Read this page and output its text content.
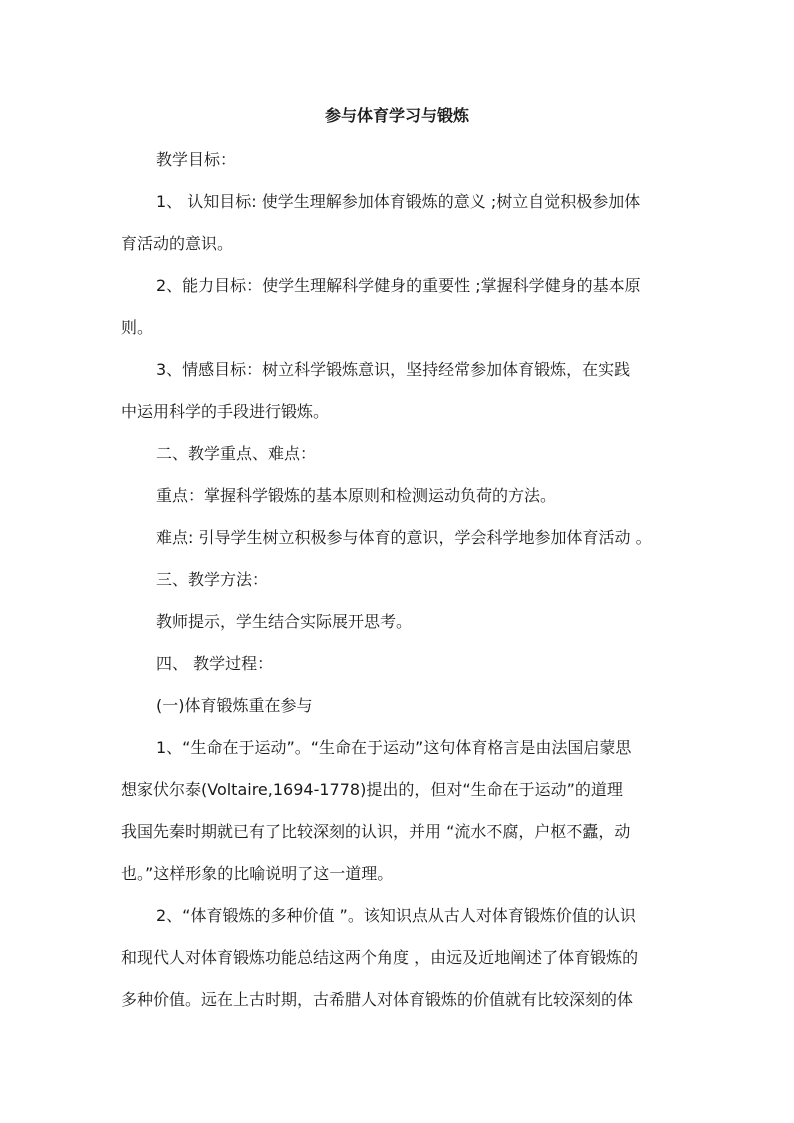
参与体育学习与锻炼
教学目标：
1、 认知目标: 使学生理解参加体育锻炼的意义 ;树立自觉积极参加体
育活动的意识。
2、能力目标：使学生理解科学健身的重要性 ;掌握科学健身的基本原
则。
3、情感目标：树立科学锻炼意识，坚持经常参加体育锻炼，在实践
中运用科学的手段进行锻炼。
二、教学重点、难点：
重点：掌握科学锻炼的基本原则和检测运动负荷的方法。
难点: 引导学生树立积极参与体育的意识，学会科学地参加体育活动 。
三、教学方法：
教师提示，学生结合实际展开思考。
四、 教学过程：
(一)体育锻炼重在参与
1、“生命在于运动”。“生命在于运动”这句体育格言是由法国启蒙思
想家伏尔泰(Voltaire,1694-1778)提出的，但对“生命在于运动”的道理
我国先秦时期就已有了比较深刻的认识，并用 “流水不腐，户枢不蠹，动
也。”这样形象的比喻说明了这一道理。
2、“体育锻炼的多种价值 ”。该知识点从古人对体育锻炼价值的认识
和现代人对体育锻炼功能总结这两个角度 ，由远及近地阐述了体育锻炼的
多种价值。远在上古时期，古希腊人对体育锻炼的价值就有比较深刻的体
